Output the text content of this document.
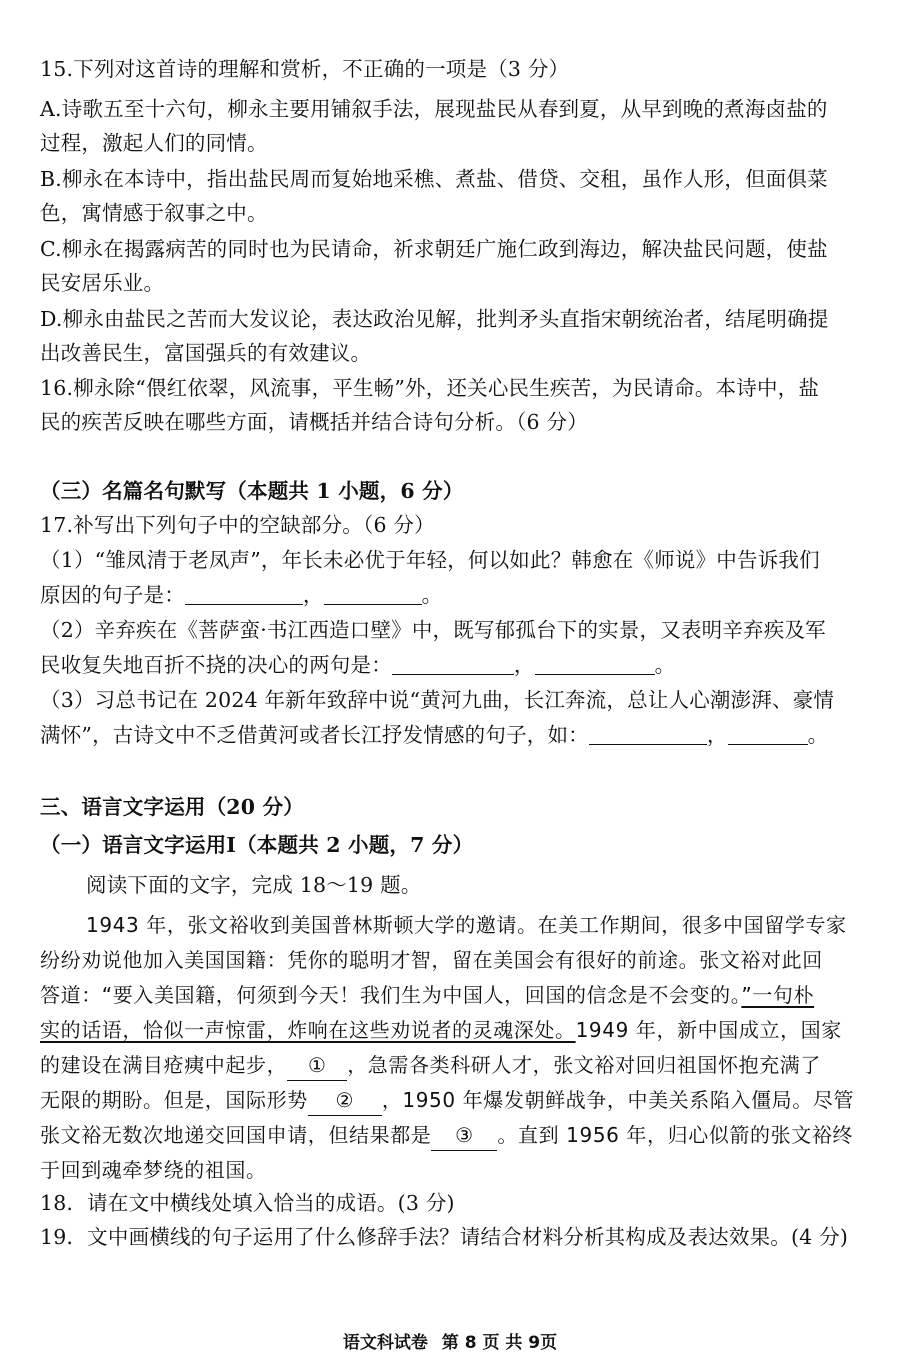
15.下列对这首诗的理解和赏析，不正确的一项是（3 分）
A.诗歌五至十六句，柳永主要用铺叙手法，展现盐民从春到夏，从早到晚的煮海卤盐的
过程，激起人们的同情。
B.柳永在本诗中，指出盐民周而复始地采樵、煮盐、借贷、交租，虽作人形，但面俱菜
色，寓情感于叙事之中。
C.柳永在揭露病苦的同时也为民请命，祈求朝廷广施仁政到海边，解决盐民问题，使盐
民安居乐业。
D.柳永由盐民之苦而大发议论，表达政治见解，批判矛头直指宋朝统治者，结尾明确提
出改善民生，富国强兵的有效建议。
16.柳永除“偎红依翠，风流事，平生畅”外，还关心民生疾苦，为民请命。本诗中，盐
民的疾苦反映在哪些方面，请概括并结合诗句分析。（6 分）
（三）名篇名句默写（本题共 1 小题，6 分）
17.补写出下列句子中的空缺部分。（6 分）
（1）“雏凤清于老凤声”，年长未必优于年轻，何以如此？韩愈在《师说》中告诉我们
原因的句子是：	，	。
（2）辛弃疾在《菩萨蛮·书江西造口壁》中，既写郁孤台下的实景，又表明辛弃疾及军
民收复失地百折不挠的决心的两句是：	，	。
（3）习总书记在 2024 年新年致辞中说“黄河九曲，长江奔流，总让人心潮澎湃、豪情
满怀”，古诗文中不乏借黄河或者长江抒发情感的句子，如：	，	。
三、语言文字运用（20 分）
（一）语言文字运用Ⅰ（本题共 2 小题，7 分）
阅读下面的文字，完成 18～19 题。
1943 年，张文裕收到美国普林斯顿大学的邀请。在美工作期间，很多中国留学专家
纷纷劝说他加入美国国籍：凭你的聪明才智，留在美国会有很好的前途。张文裕对此回
答道：“要入美国籍，何须到今天！我们生为中国人，回国的信念是不会变的。”一句朴
实的话语，恰似一声惊雷，炸响在这些劝说者的灵魂深处。1949 年，新中国成立，国家
的建设在满目疮痍中起步， ① ，急需各类科研人才，张文裕对回归祖国怀抱充满了
无限的期盼。但是，国际形势 ② ，1950 年爆发朝鲜战争，中美关系陷入僵局。尽管
张文裕无数次地递交回国申请，但结果都是 ③ 。直到 1956 年，归心似箭的张文裕终
于回到魂牵梦绕的祖国。
18．请在文中横线处填入恰当的成语。(3 分)
19．文中画横线的句子运用了什么修辞手法？请结合材料分析其构成及表达效果。(4 分)
语文科试卷 第 8 页 共 9页
